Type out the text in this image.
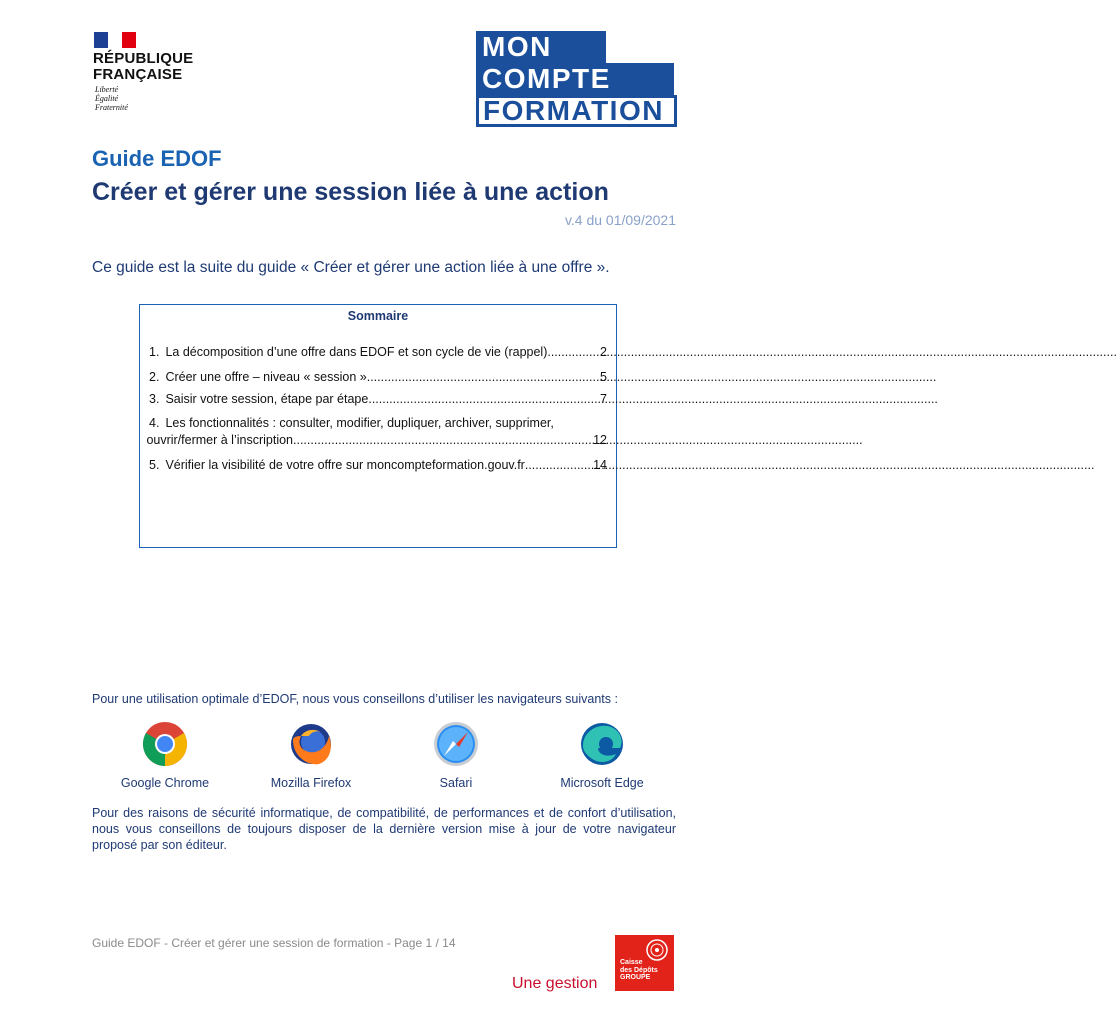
RÉPUBLIQUE
FRANÇAISE
Liberté
Égalité
Fraternité
MON
COMPTE
FORMATION
Guide EDOF
Créer et gérer une session liée à une action
v.4 du 01/09/2021
Ce guide est la suite du guide « Créer et gérer une action liée à une offre ».
Sommaire
1. La décomposition d’une offre dans EDOF et son cycle de vie (rappel) .....	2
2. Créer une offre – niveau « session » .....	5
3. Saisir votre session, étape par étape .....	7
4. Les fonctionnalités : consulter, modifier, dupliquer, archiver, supprimer,
ouvrir/fermer à l’inscription .....	12
5. Vérifier la visibilité de votre offre sur moncompteformation.gouv.fr .....	14
Pour une utilisation optimale d’EDOF, nous vous conseillons d’utiliser les navigateurs suivants :
Google Chrome	Mozilla Firefox	Safari	Microsoft Edge
Pour des raisons de sécurité informatique, de compatibilité, de performances et de confort d’utilisation, nous vous conseillons de toujours disposer de la dernière version mise à jour de votre navigateur proposé par son éditeur.
Guide EDOF - Créer et gérer une session de formation - Page 1 / 14
Une gestion
Caisse
des Dépôts
GROUPE
